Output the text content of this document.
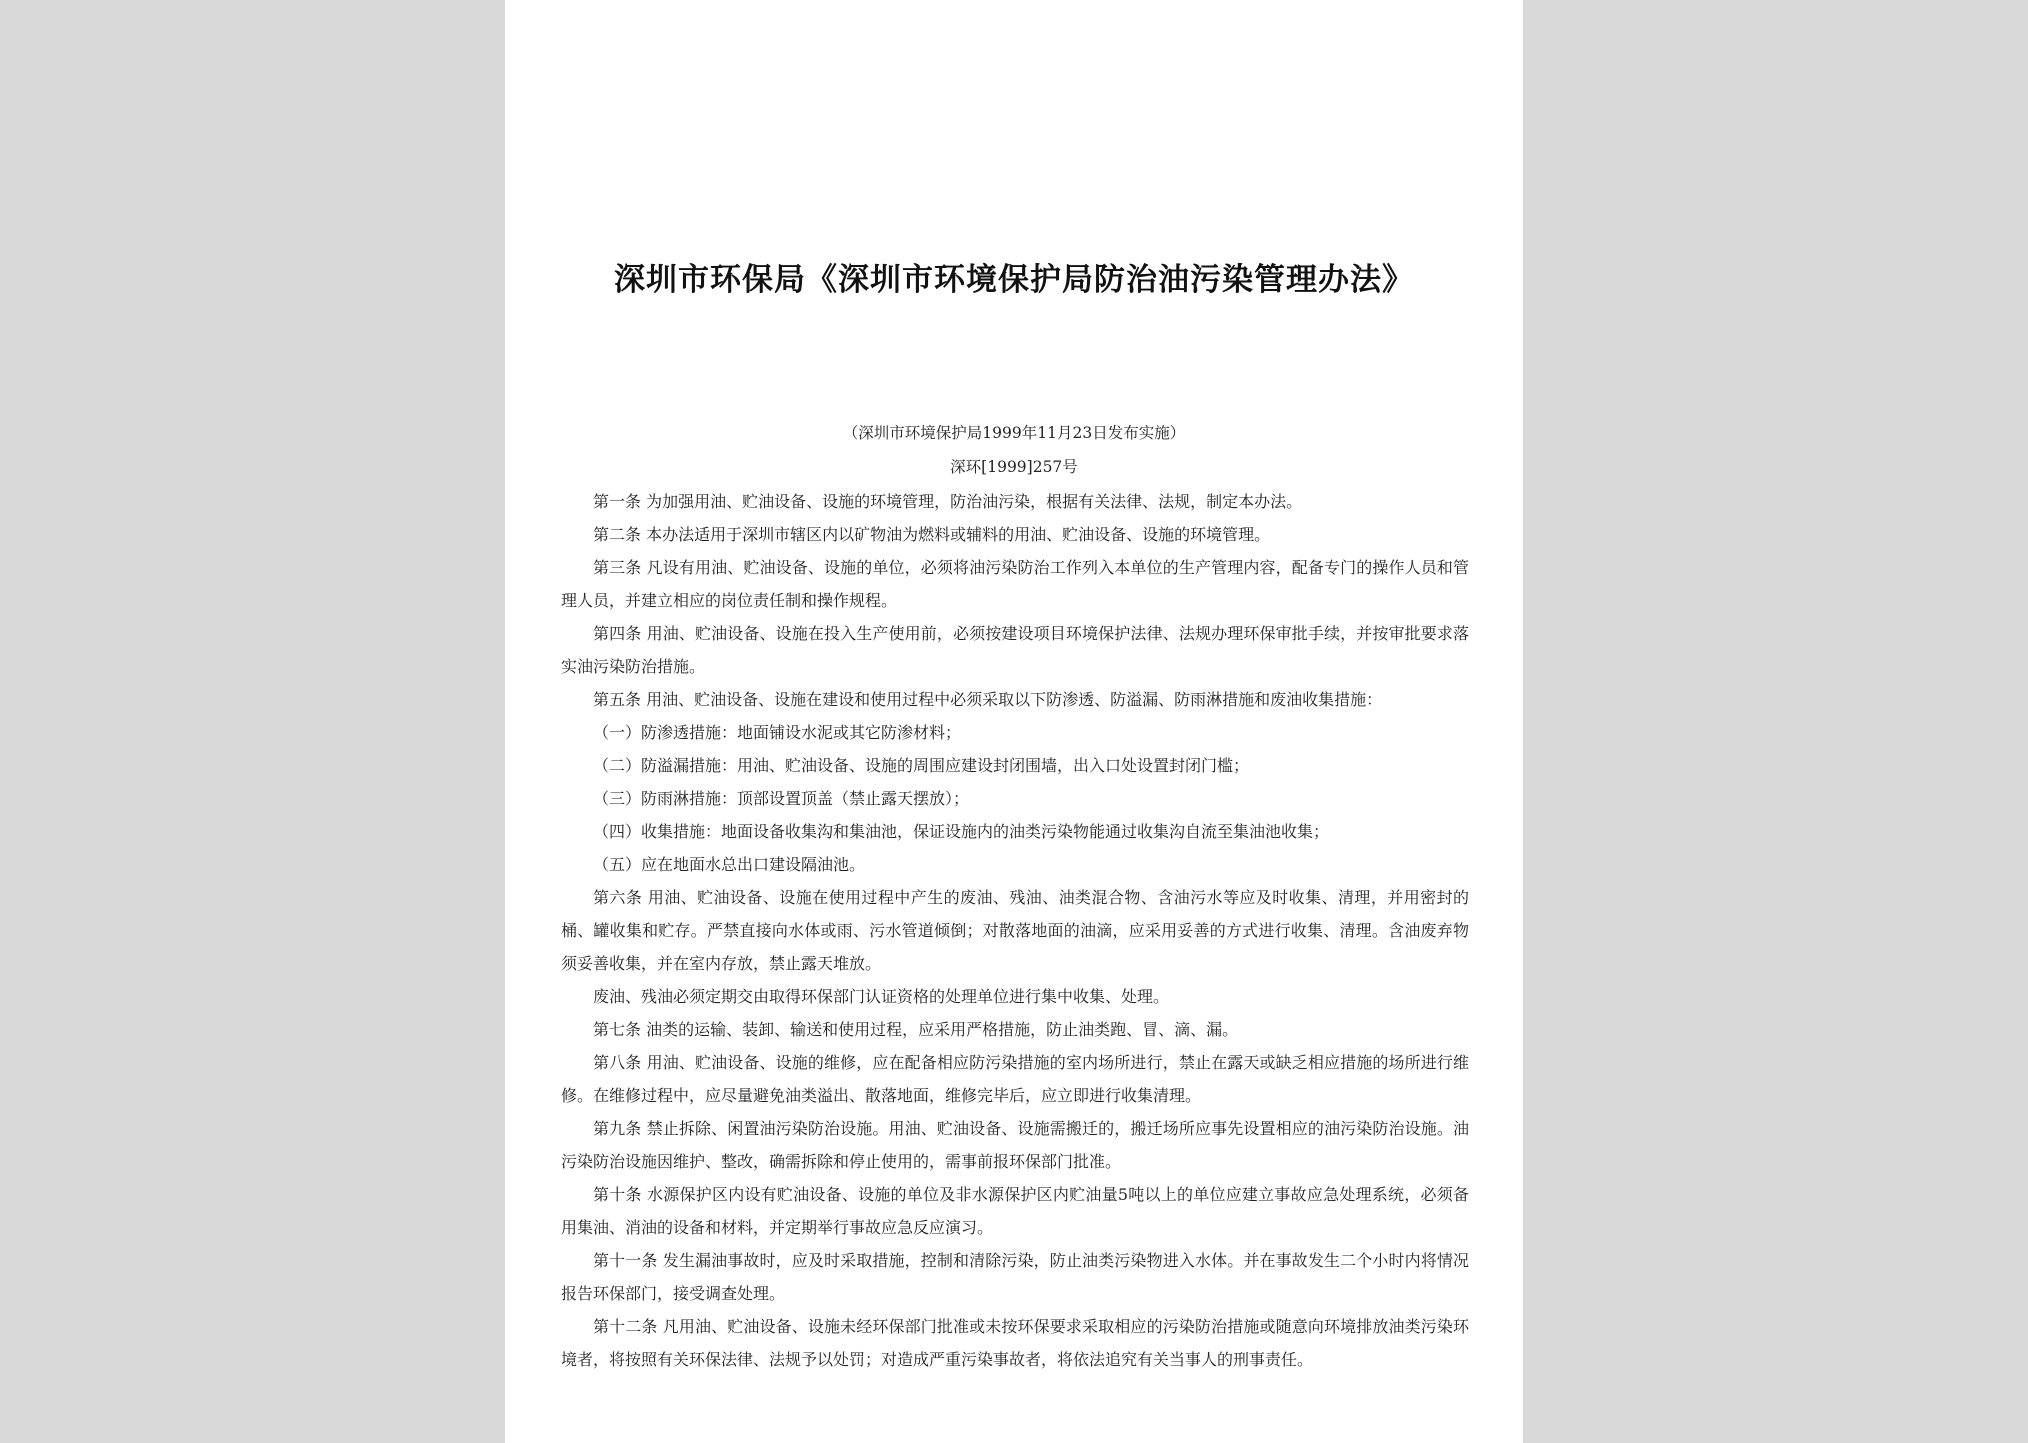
深圳市环保局《深圳市环境保护局防治油污染管理办法》
（深圳市环境保护局1999年11月23日发布实施）
深环[1999]257号

第一条 为加强用油、贮油设备、设施的环境管理，防治油污染，根据有关法律、法规，制定本办法。

第二条 本办法适用于深圳市辖区内以矿物油为燃料或辅料的用油、贮油设备、设施的环境管理。

第三条 凡设有用油、贮油设备、设施的单位，必须将油污染防治工作列入本单位的生产管理内容，配备专门的操作人员和管理人员，并建立相应的岗位责任制和操作规程。

第四条 用油、贮油设备、设施在投入生产使用前，必须按建设项目环境保护法律、法规办理环保审批手续，并按审批要求落实油污染防治措施。

第五条 用油、贮油设备、设施在建设和使用过程中必须采取以下防渗透、防溢漏、防雨淋措施和废油收集措施：

（一）防渗透措施：地面铺设水泥或其它防渗材料；

（二）防溢漏措施：用油、贮油设备、设施的周围应建设封闭围墙，出入口处设置封闭门槛；

（三）防雨淋措施：顶部设置顶盖（禁止露天摆放）；

（四）收集措施：地面设备收集沟和集油池，保证设施内的油类污染物能通过收集沟自流至集油池收集；

（五）应在地面水总出口建设隔油池。

第六条 用油、贮油设备、设施在使用过程中产生的废油、残油、油类混合物、含油污水等应及时收集、清理，并用密封的桶、罐收集和贮存。严禁直接向水体或雨、污水管道倾倒；对散落地面的油滴，应采用妥善的方式进行收集、清理。含油废弃物须妥善收集，并在室内存放，禁止露天堆放。

废油、残油必须定期交由取得环保部门认证资格的处理单位进行集中收集、处理。

第七条 油类的运输、装卸、输送和使用过程，应采用严格措施，防止油类跑、冒、滴、漏。

第八条 用油、贮油设备、设施的维修，应在配备相应防污染措施的室内场所进行，禁止在露天或缺乏相应措施的场所进行维修。在维修过程中，应尽量避免油类溢出、散落地面，维修完毕后，应立即进行收集清理。

第九条 禁止拆除、闲置油污染防治设施。用油、贮油设备、设施需搬迁的，搬迁场所应事先设置相应的油污染防治设施。油污染防治设施因维护、整改，确需拆除和停止使用的，需事前报环保部门批准。

第十条 水源保护区内设有贮油设备、设施的单位及非水源保护区内贮油量5吨以上的单位应建立事故应急处理系统，必须备用集油、消油的设备和材料，并定期举行事故应急反应演习。

第十一条 发生漏油事故时，应及时采取措施，控制和清除污染，防止油类污染物进入水体。并在事故发生二个小时内将情况报告环保部门，接受调查处理。

第十二条 凡用油、贮油设备、设施未经环保部门批准或未按环保要求采取相应的污染防治措施或随意向环境排放油类污染环境者，将按照有关环保法律、法规予以处罚；对造成严重污染事故者，将依法追究有关当事人的刑事责任。
